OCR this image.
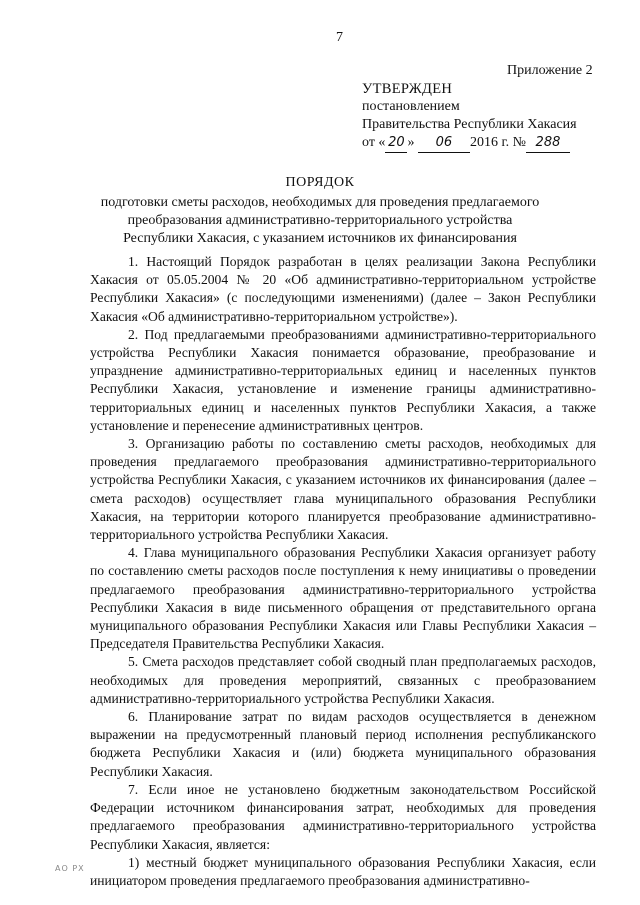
7
Приложение 2
УТВЕРЖДЕН
постановлением
Правительства Республики Хакасия
от « 20 » 06 2016 г. № 288
ПОРЯДОК
подготовки сметы расходов, необходимых для проведения предлагаемого
преобразования административно-территориального устройства
Республики Хакасия, с указанием источников их финансирования

1. Настоящий Порядок разработан в целях реализации Закона Республики Хакасия от 05.05.2004 № 20 «Об административно-территориальном устройстве Республики Хакасия» (с последующими изменениями) (далее – Закон Республики Хакасия «Об административно-территориальном устройстве»).

2. Под предлагаемыми преобразованиями административно-территориального устройства Республики Хакасия понимается образование, преобразование и упразднение административно-территориальных единиц и населенных пунктов Республики Хакасия, установление и изменение границы административно-территориальных единиц и населенных пунктов Республики Хакасия, а также установление и перенесение административных центров.

3. Организацию работы по составлению сметы расходов, необходимых для проведения предлагаемого преобразования административно-территориального устройства Республики Хакасия, с указанием источников их финансирования (далее – смета расходов) осуществляет глава муниципального образования Республики Хакасия, на территории которого планируется преобразование административно-территориального устройства Республики Хакасия.

4. Глава муниципального образования Республики Хакасия организует работу по составлению сметы расходов после поступления к нему инициативы о проведении предлагаемого преобразования административно-территориального устройства Республики Хакасия в виде письменного обращения от представительного органа муниципального образования Республики Хакасия или Главы Республики Хакасия – Председателя Правительства Республики Хакасия.

5. Смета расходов представляет собой сводный план предполагаемых расходов, необходимых для проведения мероприятий, связанных с преобразованием административно-территориального устройства Республики Хакасия.

6. Планирование затрат по видам расходов осуществляется в денежном выражении на предусмотренный плановый период исполнения республиканского бюджета Республики Хакасия и (или) бюджета муниципального образования Республики Хакасия.

7. Если иное не установлено бюджетным законодательством Российской Федерации источником финансирования затрат, необходимых для проведения предлагаемого преобразования административно-территориального устройства Республики Хакасия, является:

1) местный бюджет муниципального образования Республики Хакасия, если инициатором проведения предлагаемого преобразования административно-

АО РХ
